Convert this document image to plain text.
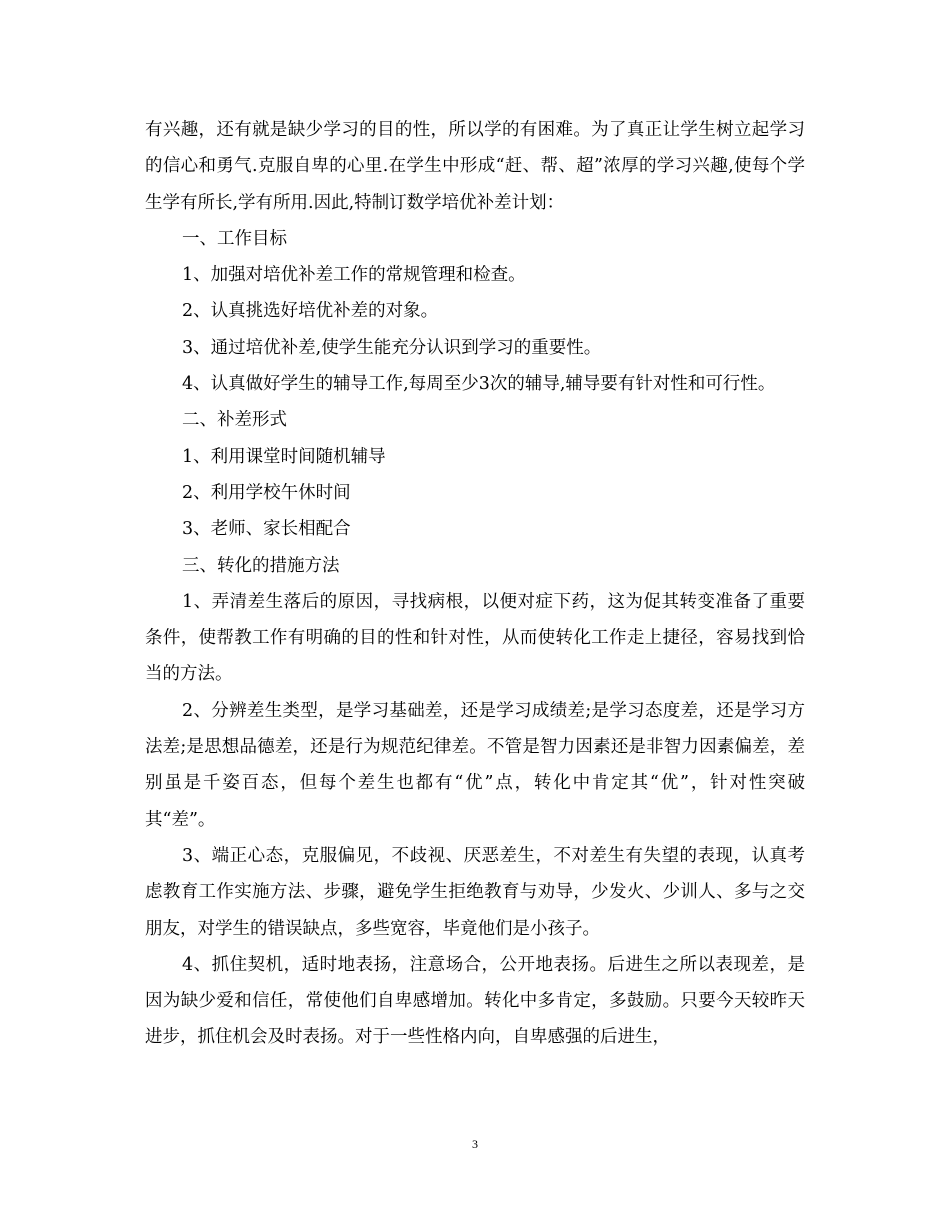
有兴趣，还有就是缺少学习的目的性，所以学的有困难。为了真正让学生树立起学习的信心和勇气.克服自卑的心里.在学生中形成“赶、帮、超”浓厚的学习兴趣,使每个学生学有所长,学有所用.因此,特制订数学培优补差计划：

一、工作目标

1、加强对培优补差工作的常规管理和检查。

2、认真挑选好培优补差的对象。

3、通过培优补差,使学生能充分认识到学习的重要性。

4、认真做好学生的辅导工作,每周至少3次的辅导,辅导要有针对性和可行性。

二、补差形式

1、利用课堂时间随机辅导

2、利用学校午休时间

3、老师、家长相配合

三、转化的措施方法

1、弄清差生落后的原因，寻找病根，以便对症下药，这为促其转变准备了重要条件，使帮教工作有明确的目的性和针对性，从而使转化工作走上捷径，容易找到恰当的方法。

2、分辨差生类型，是学习基础差，还是学习成绩差;是学习态度差，还是学习方法差;是思想品德差，还是行为规范纪律差。不管是智力因素还是非智力因素偏差，差别虽是千姿百态，但每个差生也都有“优”点，转化中肯定其“优”，针对性突破其“差”。

3、端正心态，克服偏见，不歧视、厌恶差生，不对差生有失望的表现，认真考虑教育工作实施方法、步骤，避免学生拒绝教育与劝导，少发火、少训人、多与之交朋友，对学生的错误缺点，多些宽容，毕竟他们是小孩子。

4、抓住契机，适时地表扬，注意场合，公开地表扬。后进生之所以表现差，是因为缺少爱和信任，常使他们自卑感增加。转化中多肯定，多鼓励。只要今天较昨天进步，抓住机会及时表扬。对于一些性格内向，自卑感强的后进生，

3
